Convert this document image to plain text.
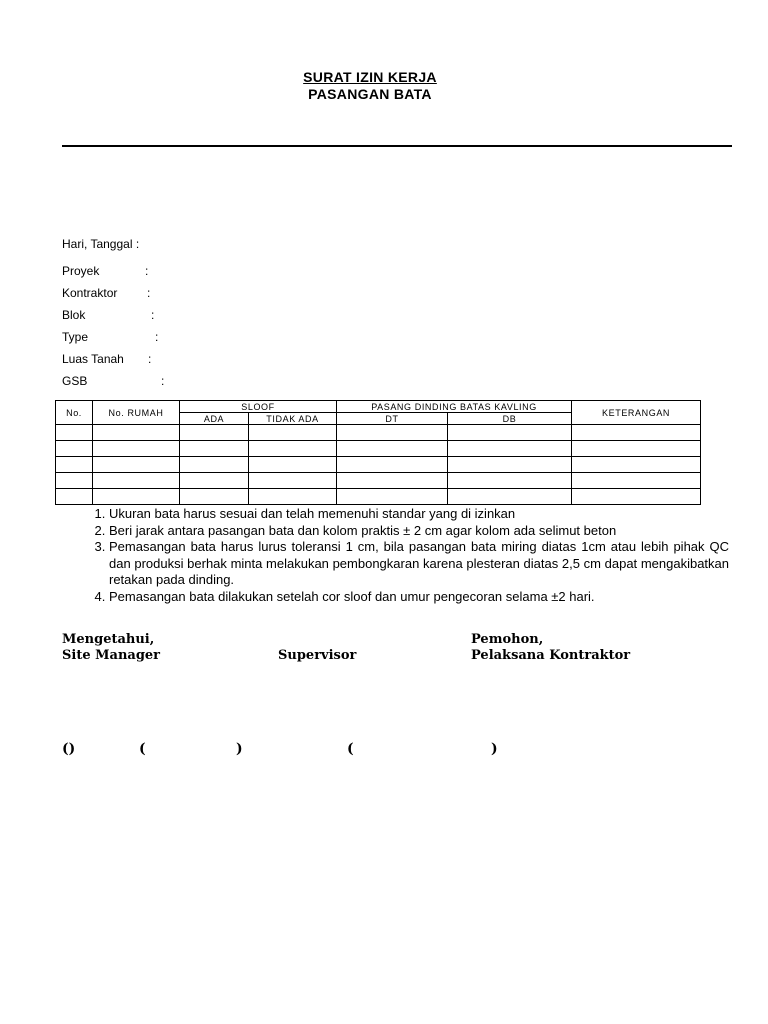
SURAT IZIN KERJA
PASANGAN BATA
Hari, Tanggal :
Proyek	:
Kontraktor :
Blok	:
Type	:
Luas Tanah :
GSB	:
No.	No. RUMAH	SLOOF		PASANG DINDING BATAS KAVLING		KETERANGAN
		ADA	TIDAK ADA	DT	DB	

1. Ukuran bata harus sesuai dan telah memenuhi standar yang di izinkan
2. Beri jarak antara pasangan bata dan kolom praktis ± 2 cm agar kolom ada selimut beton
3. Pemasangan bata harus lurus toleransi 1 cm, bila pasangan bata miring diatas 1cm atau lebih pihak QC dan produksi berhak minta melakukan pembongkaran karena plesteran diatas 2,5 cm dapat mengakibatkan retakan pada dinding.
4. Pemasangan bata dilakukan setelah cor sloof dan umur pengecoran selama ±2 hari.
Mengetahui,
Site Manager	Supervisor
Pemohon,
Pelaksana Kontraktor
()	(	)	(	)
